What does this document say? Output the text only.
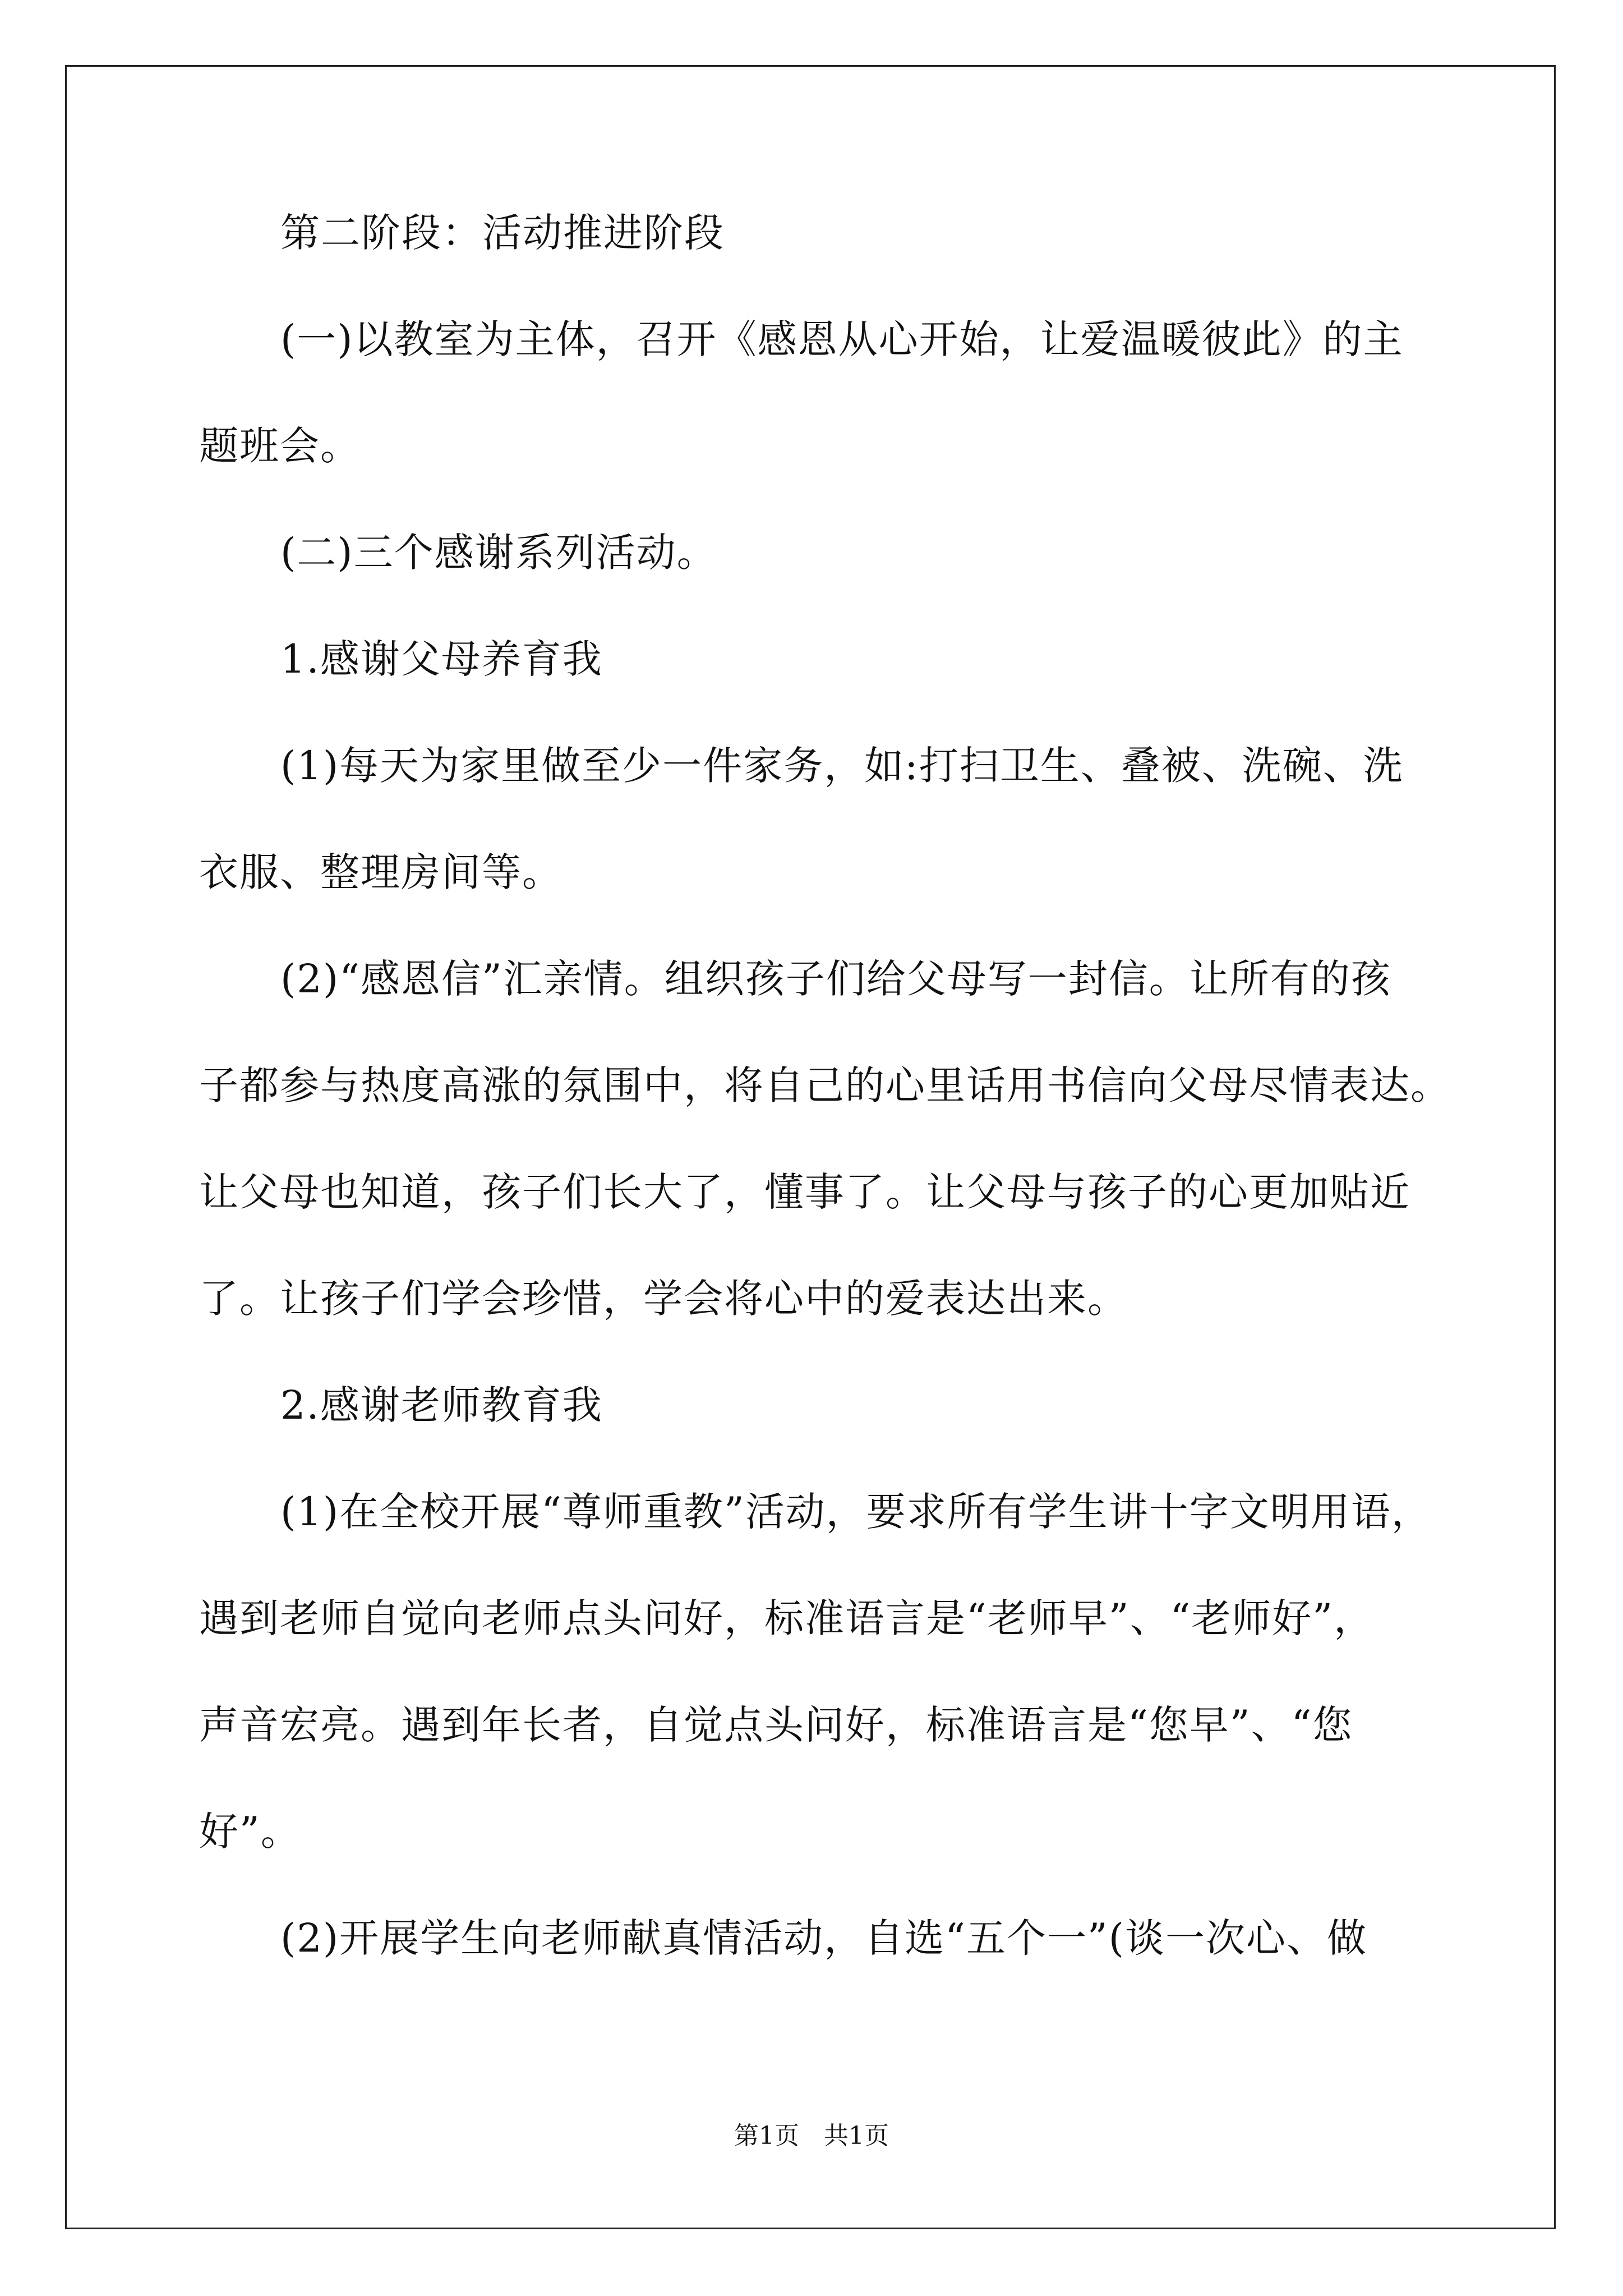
第二阶段：活动推进阶段
(一)以教室为主体，召开《感恩从心开始，让爱温暖彼此》的主
题班会。
(二)三个感谢系列活动。
1.感谢父母养育我
(1)每天为家里做至少一件家务，如:打扫卫生、叠被、洗碗、洗
衣服、整理房间等。
(2)“感恩信”汇亲情。组织孩子们给父母写一封信。让所有的孩
子都参与热度高涨的氛围中，将自己的心里话用书信向父母尽情表达。
让父母也知道，孩子们长大了，懂事了。让父母与孩子的心更加贴近
了。让孩子们学会珍惜，学会将心中的爱表达出来。
2.感谢老师教育我
(1)在全校开展“尊师重教”活动，要求所有学生讲十字文明用语，
遇到老师自觉向老师点头问好，标准语言是“老师早”、“老师好”，
声音宏亮。遇到年长者，自觉点头问好，标准语言是“您早”、“您
好”。
(2)开展学生向老师献真情活动，自选“五个一”(谈一次心、做
第1页　共1页
